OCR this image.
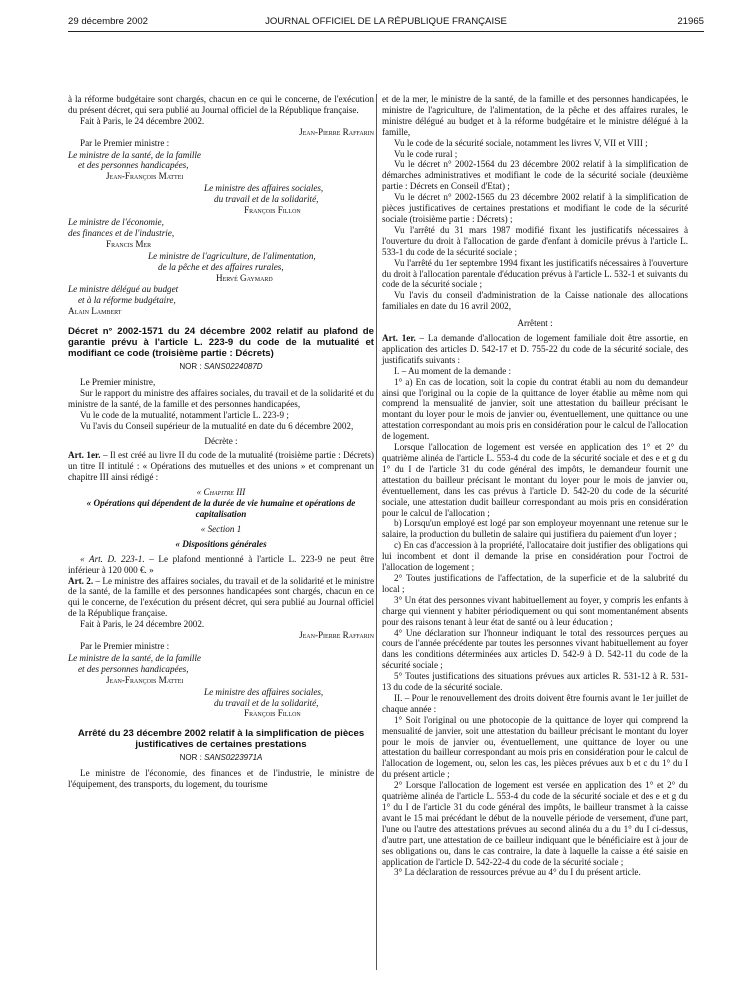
29 décembre 2002	JOURNAL OFFICIEL DE LA RÉPUBLIQUE FRANÇAISE	21965

à la réforme budgétaire sont chargés, chacun en ce qui le concerne, de l'exécution du présent décret, qui sera publié au Journal officiel de la République française.

Fait à Paris, le 24 décembre 2002.

Jean-Pierre Raffarin

Par le Premier ministre :

Le ministre de la santé, de la famille
et des personnes handicapées,
Jean-François Mattei
Le ministre des affaires sociales,
du travail et de la solidarité,
François Fillon
Le ministre de l'économie,
des finances et de l'industrie,
Francis Mer
Le ministre de l'agriculture, de l'alimentation,
de la pêche et des affaires rurales,
Hervé Gaymard
Le ministre délégué au budget
et à la réforme budgétaire,
Alain Lambert

Décret n° 2002-1571 du 24 décembre 2002 relatif au plafond de garantie prévu à l'article L. 223-9 du code de la mutualité et modifiant ce code (troisième partie : Décrets)

NOR : SANS0224087D

Le Premier ministre,

Sur le rapport du ministre des affaires sociales, du travail et de la solidarité et du ministre de la santé, de la famille et des personnes handicapées,

Vu le code de la mutualité, notamment l'article L. 223-9 ;

Vu l'avis du Conseil supérieur de la mutualité en date du 6 décembre 2002,

Décrète :

Art. 1er. – Il est créé au livre II du code de la mutualité (troisième partie : Décrets) un titre II intitulé : « Opérations des mutuelles et des unions » et comprenant un chapitre III ainsi rédigé :

« Chapitre III

« Opérations qui dépendent de la durée de vie humaine et opérations de capitalisation

« Section 1

« Dispositions générales

« Art. D. 223-1. – Le plafond mentionné à l'article L. 223-9 ne peut être inférieur à 120 000 €. »

Art. 2. – Le ministre des affaires sociales, du travail et de la solidarité et le ministre de la santé, de la famille et des personnes handicapées sont chargés, chacun en ce qui le concerne, de l'exécution du présent décret, qui sera publié au Journal officiel de la République française.

Fait à Paris, le 24 décembre 2002.

Jean-Pierre Raffarin

Par le Premier ministre :

Le ministre de la santé, de la famille
et des personnes handicapées,
Jean-François Mattei
Le ministre des affaires sociales,
du travail et de la solidarité,
François Fillon

Arrêté du 23 décembre 2002 relatif à la simplification de pièces justificatives de certaines prestations

NOR : SANS0223971A

Le ministre de l'économie, des finances et de l'industrie, le ministre de l'équipement, des transports, du logement, du tourisme

et de la mer, le ministre de la santé, de la famille et des personnes handicapées, le ministre de l'agriculture, de l'alimentation, de la pêche et des affaires rurales, le ministre délégué au budget et à la réforme budgétaire et le ministre délégué à la famille,

Vu le code de la sécurité sociale, notamment les livres V, VII et VIII ;

Vu le code rural ;

Vu le décret n° 2002-1564 du 23 décembre 2002 relatif à la simplification de démarches administratives et modifiant le code de la sécurité sociale (deuxième partie : Décrets en Conseil d'Etat) ;

Vu le décret n° 2002-1565 du 23 décembre 2002 relatif à la simplification de pièces justificatives de certaines prestations et modifiant le code de la sécurité sociale (troisième partie : Décrets) ;

Vu l'arrêté du 31 mars 1987 modifié fixant les justificatifs nécessaires à l'ouverture du droit à l'allocation de garde d'enfant à domicile prévus à l'article L. 533-1 du code de la sécurité sociale ;

Vu l'arrêté du 1er septembre 1994 fixant les justificatifs nécessaires à l'ouverture du droit à l'allocation parentale d'éducation prévus à l'article L. 532-1 et suivants du code de la sécurité sociale ;

Vu l'avis du conseil d'administration de la Caisse nationale des allocations familiales en date du 16 avril 2002,

Arrêtent :

Art. 1er. – La demande d'allocation de logement familiale doit être assortie, en application des articles D. 542-17 et D. 755-22 du code de la sécurité sociale, des justificatifs suivants :

I. – Au moment de la demande :

1° a) En cas de location, soit la copie du contrat établi au nom du demandeur ainsi que l'original ou la copie de la quittance de loyer établie au même nom qui comprend la mensualité de janvier, soit une attestation du bailleur précisant le montant du loyer pour le mois de janvier ou, éventuellement, une quittance ou une attestation correspondant au mois pris en considération pour le calcul de l'allocation de logement.

Lorsque l'allocation de logement est versée en application des 1° et 2° du quatrième alinéa de l'article L. 553-4 du code de la sécurité sociale et des e et g du 1° du I de l'article 31 du code général des impôts, le demandeur fournit une attestation du bailleur précisant le montant du loyer pour le mois de janvier ou, éventuellement, dans les cas prévus à l'article D. 542-20 du code de la sécurité sociale, une attestation dudit bailleur correspondant au mois pris en considération pour le calcul de l'allocation ;

b) Lorsqu'un employé est logé par son employeur moyennant une retenue sur le salaire, la production du bulletin de salaire qui justifiera du paiement d'un loyer ;

c) En cas d'accession à la propriété, l'allocataire doit justifier des obligations qui lui incombent et dont il demande la prise en considération pour l'octroi de l'allocation de logement ;

2° Toutes justifications de l'affectation, de la superficie et de la salubrité du local ;

3° Un état des personnes vivant habituellement au foyer, y compris les enfants à charge qui viennent y habiter périodiquement ou qui sont momentanément absents pour des raisons tenant à leur état de santé ou à leur éducation ;

4° Une déclaration sur l'honneur indiquant le total des ressources perçues au cours de l'année précédente par toutes les personnes vivant habituellement au foyer dans les conditions déterminées aux articles D. 542-9 à D. 542-11 du code de la sécurité sociale ;

5° Toutes justifications des situations prévues aux articles R. 531-12 à R. 531-13 du code de la sécurité sociale.

II. – Pour le renouvellement des droits doivent être fournis avant le 1er juillet de chaque année :

1° Soit l'original ou une photocopie de la quittance de loyer qui comprend la mensualité de janvier, soit une attestation du bailleur précisant le montant du loyer pour le mois de janvier ou, éventuellement, une quittance de loyer ou une attestation du bailleur correspondant au mois pris en considération pour le calcul de l'allocation de logement, ou, selon les cas, les pièces prévues aux b et c du 1° du I du présent article ;

2° Lorsque l'allocation de logement est versée en application des 1° et 2° du quatrième alinéa de l'article L. 553-4 du code de la sécurité sociale et des e et g du 1° du I de l'article 31 du code général des impôts, le bailleur transmet à la caisse avant le 15 mai précédant le début de la nouvelle période de versement, d'une part, l'une ou l'autre des attestations prévues au second alinéa du a du 1° du I ci-dessus, d'autre part, une attestation de ce bailleur indiquant que le bénéficiaire est à jour de ses obligations ou, dans le cas contraire, la date à laquelle la caisse a été saisie en application de l'article D. 542-22-4 du code de la sécurité sociale ;

3° La déclaration de ressources prévue au 4° du I du présent article.
